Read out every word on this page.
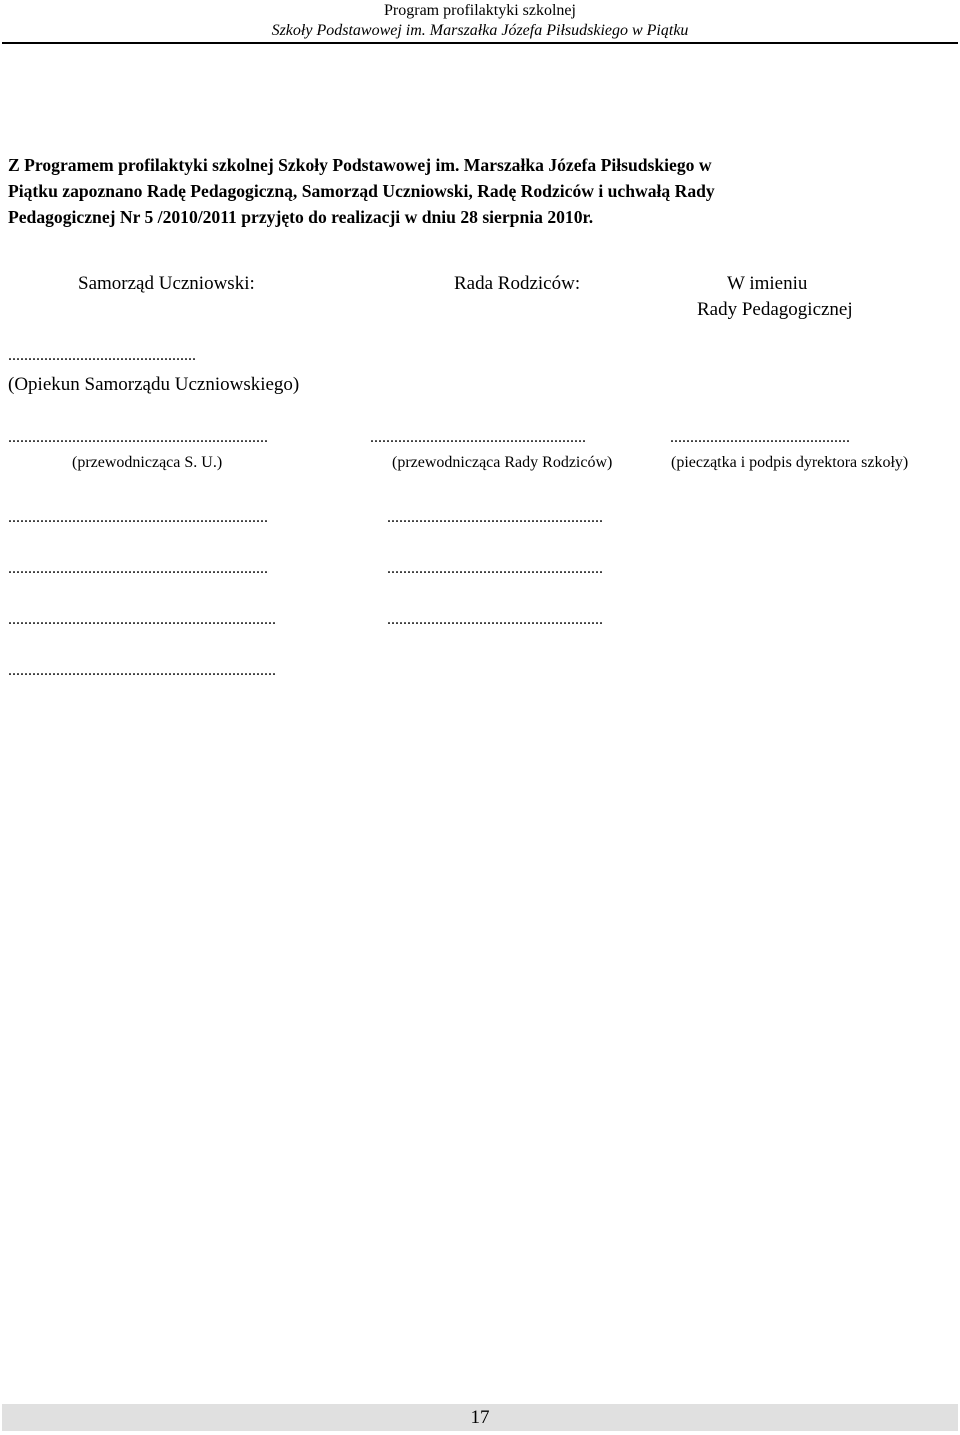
Program profilaktyki szkolnej
Szkoły Podstawowej im. Marszałka Józefa Piłsudskiego w Piątku
Z Programem profilaktyki szkolnej Szkoły Podstawowej im. Marszałka Józefa Piłsudskiego w
Piątku zapoznano Radę Pedagogiczną, Samorząd Uczniowski, Radę Rodziców i uchwałą Rady
Pedagogicznej Nr 5 /2010/2011 przyjęto do realizacji w dniu 28 sierpnia 2010r.
Samorząd Uczniowski:	Rada Rodziców:	W imieniu
Rady Pedagogicznej
...............................................
(Opiekun Samorządu Uczniowskiego)
.................................................................	......................................................	.............................................
(przewodnicząca S. U.)	(przewodnicząca Rady Rodziców)	(pieczątka i podpis dyrektora szkoły)
.................................................................
.................................................................
...................................................................
...................................................................
......................................................
......................................................
......................................................
17
